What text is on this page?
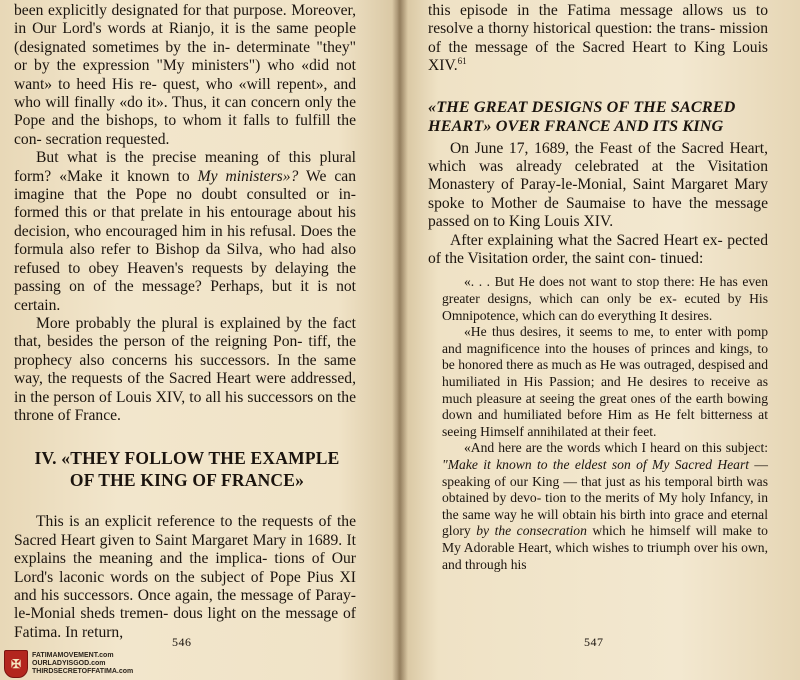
been explicitly designated for that purpose. Moreover, in Our Lord's words at Rianjo, it is the same people (designated sometimes by the in- determinate "they" or by the expression "My ministers") who «did not want» to heed His re- quest, who «will repent», and who will finally «do it». Thus, it can concern only the Pope and the bishops, to whom it falls to fulfill the con- secration requested.

But what is the precise meaning of this plural form? «Make it known to My ministers»? We can imagine that the Pope no doubt consulted or in- formed this or that prelate in his entourage about his decision, who encouraged him in his refusal. Does the formula also refer to Bishop da Silva, who had also refused to obey Heaven's requests by delaying the passing on of the message? Perhaps, but it is not certain.

More probably the plural is explained by the fact that, besides the person of the reigning Pon- tiff, the prophecy also concerns his successors. In the same way, the requests of the Sacred Heart were addressed, in the person of Louis XIV, to all his successors on the throne of France.

IV. «THEY FOLLOW THE EXAMPLE
OF THE KING OF FRANCE»

This is an explicit reference to the requests of the Sacred Heart given to Saint Margaret Mary in 1689. It explains the meaning and the implica- tions of Our Lord's laconic words on the subject of Pope Pius XI and his successors. Once again, the message of Paray-le-Monial sheds tremen- dous light on the message of Fatima. In return,

546

this episode in the Fatima message allows us to resolve a thorny historical question: the trans- mission of the message of the Sacred Heart to King Louis XIV.$^{61}$

«THE GREAT DESIGNS OF THE SACRED
HEART» OVER FRANCE AND ITS KING

On June 17, 1689, the Feast of the Sacred Heart, which was already celebrated at the Visitation Monastery of Paray-le-Monial, Saint Margaret Mary spoke to Mother de Saumaise to have the message passed on to King Louis XIV.

After explaining what the Sacred Heart ex- pected of the Visitation order, the saint con- tinued:

«. . . But He does not want to stop there: He has even greater designs, which can only be ex- ecuted by His Omnipotence, which can do everything It desires.

«He thus desires, it seems to me, to enter with pomp and magnificence into the houses of princes and kings, to be honored there as much as He was outraged, despised and humiliated in His Passion; and He desires to receive as much pleasure at seeing the great ones of the earth bowing down and humiliated before Him as He felt bitterness at seeing Himself annihilated at their feet.

«And here are the words which I heard on this subject: "Make it known to the eldest son of My Sacred Heart — speaking of our King — that just as his temporal birth was obtained by devo- tion to the merits of My holy Infancy, in the same way he will obtain his birth into grace and eternal glory by the consecration which he himself will make to My Adorable Heart, which wishes to triumph over his own, and through his

547
✠
FATIMAMOVEMENT.com
OURLADYISGOD.com
THIRDSECRETOFFATIMA.com
